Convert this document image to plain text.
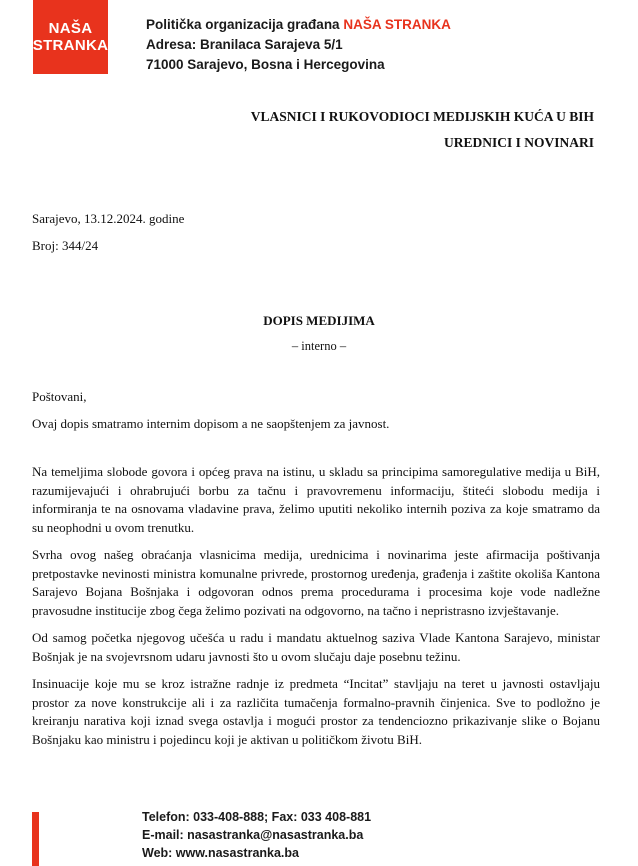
NAŠA
STRANKA
Politička organizacija građana NAŠA STRANKA
Adresa: Branilaca Sarajeva 5/1
71000 Sarajevo, Bosna i Hercegovina
VLASNICI I RUKOVODIOCI MEDIJSKIH KUĆA U BIH
UREDNICI I NOVINARI
Sarajevo, 13.12.2024. godine
Broj: 344/24
DOPIS MEDIJIMA
– interno –
Poštovani,
Ovaj dopis smatramo internim dopisom a ne saopštenjem za javnost.

Na temeljima slobode govora i općeg prava na istinu, u skladu sa principima samoregulative medija u BiH, razumijevajući i ohrabrujući borbu za tačnu i pravovremenu informaciju, štiteći slobodu medija i informiranja te na osnovama vladavine prava, želimo uputiti nekoliko internih poziva za koje smatramo da su neophodni u ovom trenutku.

Svrha ovog našeg obraćanja vlasnicima medija, urednicima i novinarima jeste afirmacija poštivanja pretpostavke nevinosti ministra komunalne privrede, prostornog uređenja, građenja i zaštite okoliša Kantona Sarajevo Bojana Bošnjaka i odgovoran odnos prema procedurama i procesima koje vode nadležne pravosudne institucije zbog čega želimo pozivati na odgovorno, na tačno i nepristrasno izvještavanje.

Od samog početka njegovog učešća u radu i mandatu aktuelnog saziva Vlade Kantona Sarajevo, ministar Bošnjak je na svojevrsnom udaru javnosti što u ovom slučaju daje posebnu težinu.

Insinuacije koje mu se kroz istražne radnje iz predmeta “Incitat” stavljaju na teret u javnosti ostavljaju prostor za nove konstrukcije ali i za različita tumačenja formalno-pravnih činjenica. Sve to podložno je kreiranju narativa koji iznad svega ostavlja i mogući prostor za tendenciozno prikazivanje slike o Bojanu Bošnjaku kao ministru i pojedincu koji je aktivan u političkom životu BiH.

Telefon: 033-408-888; Fax: 033 408-881
E-mail: nasastranka@nasastranka.ba
Web: www.nasastranka.ba
